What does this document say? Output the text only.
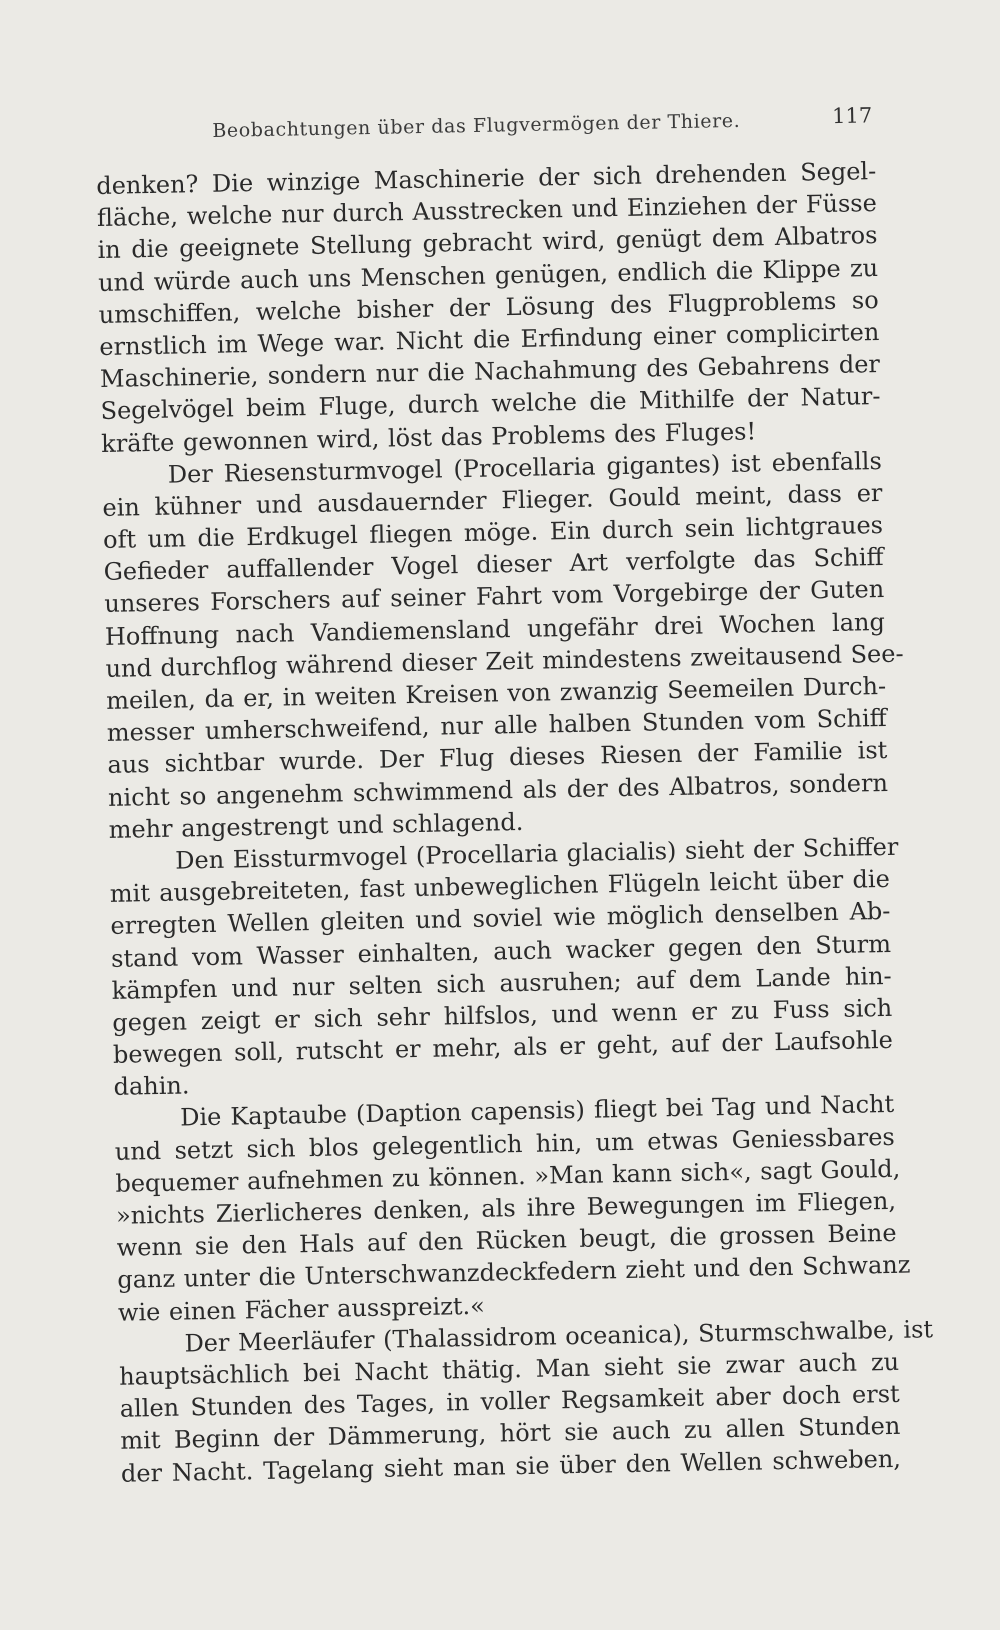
Beobachtungen über das Flugvermögen der Thiere.	117
denken? Die winzige Maschinerie der sich drehenden Segel-
fläche, welche nur durch Ausstrecken und Einziehen der Füsse
in die geeignete Stellung gebracht wird, genügt dem Albatros
und würde auch uns Menschen genügen, endlich die Klippe zu
umschiffen, welche bisher der Lösung des Flugproblems so
ernstlich im Wege war. Nicht die Erfindung einer complicirten
Maschinerie, sondern nur die Nachahmung des Gebahrens der
Segelvögel beim Fluge, durch welche die Mithilfe der Natur-
kräfte gewonnen wird, löst das Problems des Fluges!
Der Riesensturmvogel (Procellaria gigantes) ist ebenfalls
ein kühner und ausdauernder Flieger. Gould meint, dass er
oft um die Erdkugel fliegen möge. Ein durch sein lichtgraues
Gefieder auffallender Vogel dieser Art verfolgte das Schiff
unseres Forschers auf seiner Fahrt vom Vorgebirge der Guten
Hoffnung nach Vandiemensland ungefähr drei Wochen lang
und durchflog während dieser Zeit mindestens zweitausend See-
meilen, da er, in weiten Kreisen von zwanzig Seemeilen Durch-
messer umherschweifend, nur alle halben Stunden vom Schiff
aus sichtbar wurde. Der Flug dieses Riesen der Familie ist
nicht so angenehm schwimmend als der des Albatros, sondern
mehr angestrengt und schlagend.
Den Eissturmvogel (Procellaria glacialis) sieht der Schiffer
mit ausgebreiteten, fast unbeweglichen Flügeln leicht über die
erregten Wellen gleiten und soviel wie möglich denselben Ab-
stand vom Wasser einhalten, auch wacker gegen den Sturm
kämpfen und nur selten sich ausruhen; auf dem Lande hin-
gegen zeigt er sich sehr hilfslos, und wenn er zu Fuss sich
bewegen soll, rutscht er mehr, als er geht, auf der Laufsohle
dahin.
Die Kaptaube (Daption capensis) fliegt bei Tag und Nacht
und setzt sich blos gelegentlich hin, um etwas Geniessbares
bequemer aufnehmen zu können. »Man kann sich«, sagt Gould,
»nichts Zierlicheres denken, als ihre Bewegungen im Fliegen,
wenn sie den Hals auf den Rücken beugt, die grossen Beine
ganz unter die Unterschwanzdeckfedern zieht und den Schwanz
wie einen Fächer ausspreizt.«
Der Meerläufer (Thalassidrom oceanica), Sturmschwalbe, ist
hauptsächlich bei Nacht thätig. Man sieht sie zwar auch zu
allen Stunden des Tages, in voller Regsamkeit aber doch erst
mit Beginn der Dämmerung, hört sie auch zu allen Stunden
der Nacht. Tagelang sieht man sie über den Wellen schweben,
